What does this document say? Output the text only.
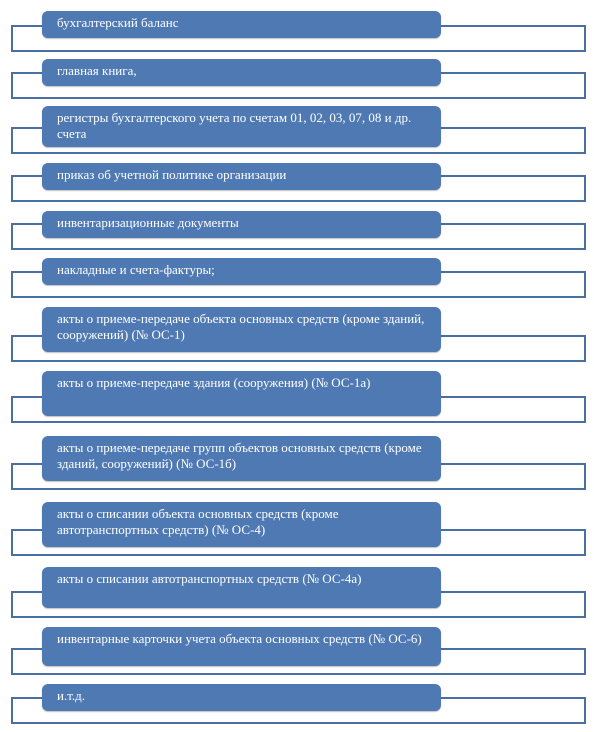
бухгалтерский баланс
главная книга,
регистры бухгалтерского учета по счетам 01, 02, 03, 07, 08 и др. счета
приказ об учетной политике организации
инвентаризационные документы
накладные и счета-фактуры;
акты о приеме-передаче объекта основных средств (кроме зданий, сооружений) (№ ОС-1)
акты о приеме-передаче здания (сооружения) (№ ОС-1а)
акты о приеме-передаче групп объектов основных средств (кроме зданий, сооружений) (№ ОС-1б)
акты о списании объекта основных средств (кроме автотранспортных средств) (№ ОС-4)
акты о списании автотранспортных средств (№ ОС-4а)
инвентарные карточки учета объекта основных средств (№ ОС-6)
и.т.д.
